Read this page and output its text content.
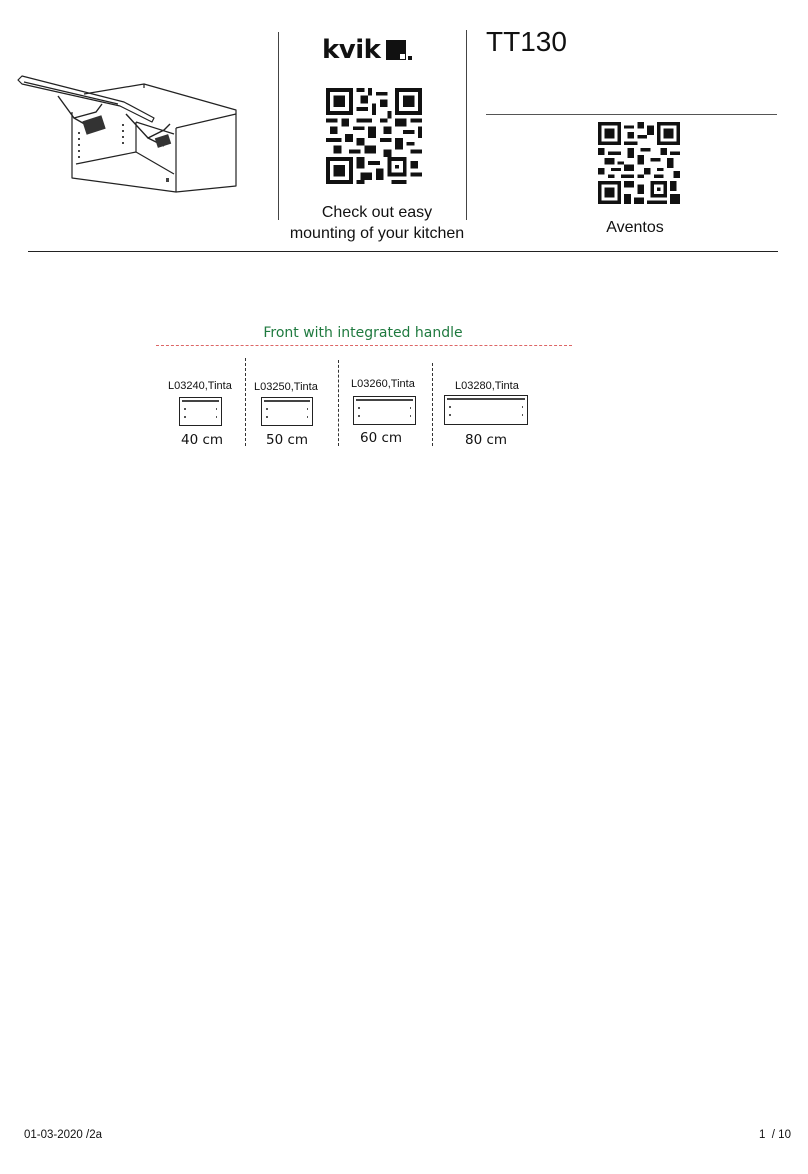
kvik
Check out easy
mounting of your kitchen
TT130
Aventos
Front with integrated handle
L03240,Tinta
40 cm
L03250,Tinta
50 cm
L03260,Tinta
60 cm
L03280,Tinta
80 cm
01-03-2020 /2a	1  / 10
